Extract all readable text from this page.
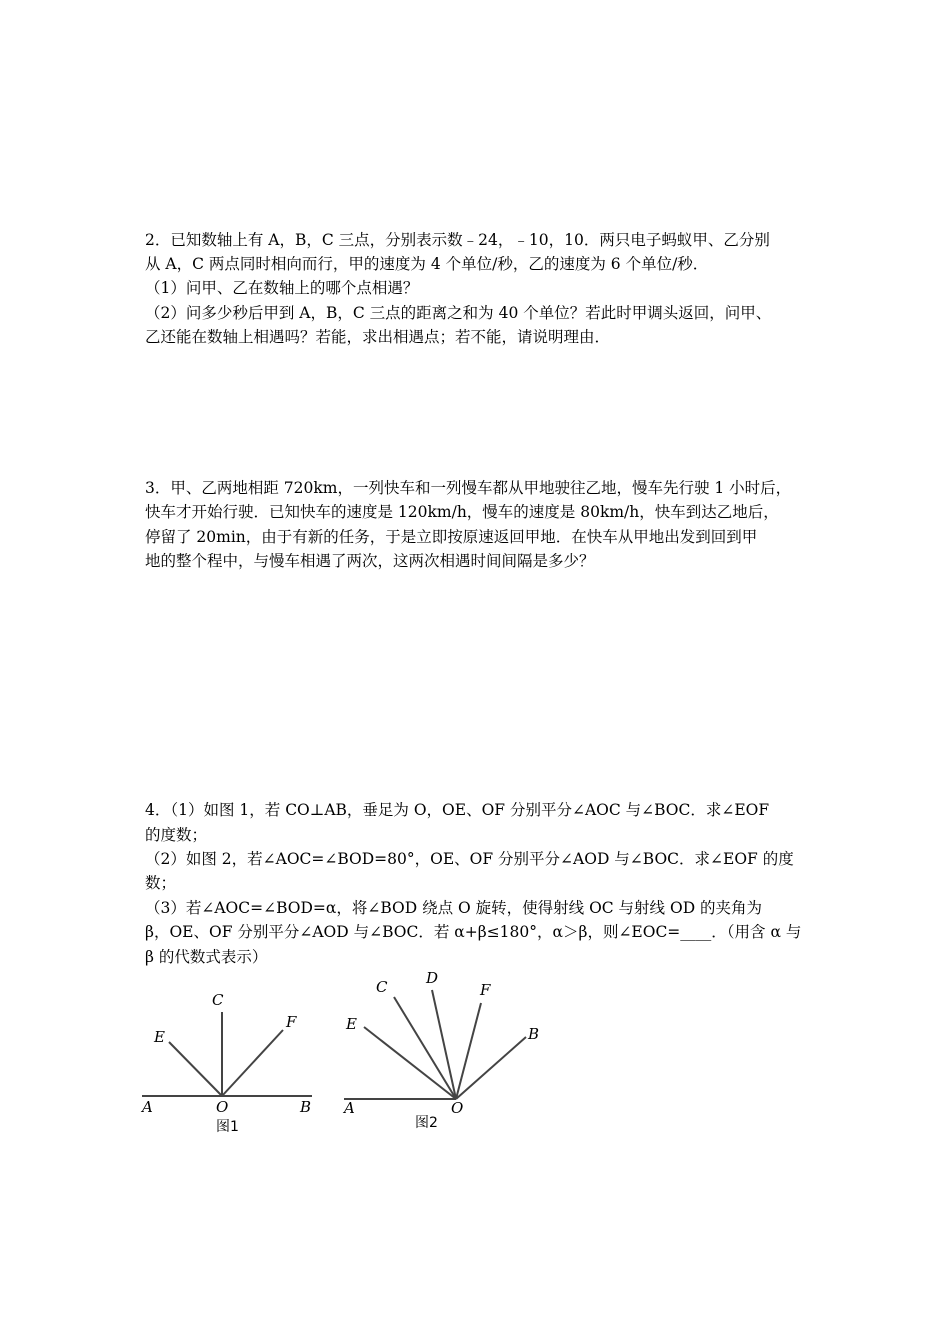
2．已知数轴上有 A，B，C 三点，分别表示数﹣24，﹣10，10．两只电子蚂蚁甲、乙分别
从 A，C 两点同时相向而行，甲的速度为 4 个单位/秒，乙的速度为 6 个单位/秒．
（1）问甲、乙在数轴上的哪个点相遇？
（2）问多少秒后甲到 A，B，C 三点的距离之和为 40 个单位？若此时甲调头返回，问甲、
乙还能在数轴上相遇吗？若能，求出相遇点；若不能，请说明理由．
3．甲、乙两地相距 720km，一列快车和一列慢车都从甲地驶往乙地，慢车先行驶 1 小时后，
快车才开始行驶．已知快车的速度是 120km/h，慢车的速度是 80km/h，快车到达乙地后，
停留了 20min，由于有新的任务，于是立即按原速返回甲地．在快车从甲地出发到回到甲
地的整个程中，与慢车相遇了两次，这两次相遇时间间隔是多少？
4．（1）如图 1，若 CO⊥AB，垂足为 O，OE、OF 分别平分∠AOC 与∠BOC．求∠EOF
的度数；
（2）如图 2，若∠AOC=∠BOD=80°，OE、OF 分别平分∠AOD 与∠BOC．求∠EOF 的度
数；
（3）若∠AOC=∠BOD=α，将∠BOD 绕点 O 旋转，使得射线 OC 与射线 OD 的夹角为
β，OE、OF 分别平分∠AOD 与∠BOC．若 α+β≤180°，α＞β，则∠EOC=____．（用含 α 与
β 的代数式表示）
A	O	B
C
E
F
图1
A	O
B
C	D
E
F
图2
